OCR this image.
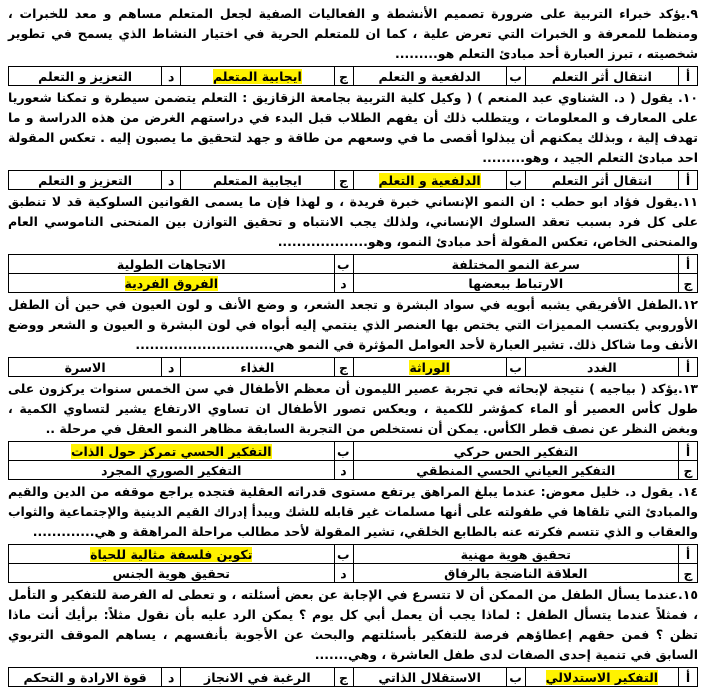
٩.يؤكد خبراء التربية على ضرورة تصميم الأنشطة و الفعاليات الصفية لجعل المتعلم مساهم و معد للخبرات ، ومنظما للمعرفة و الخبرات التي تعرض علية ، كما ان للمتعلم الحرية في اختيار النشاط الذي يسمح في تطوير شخصيته ، تبرز العبارة أحد مبادئ التعلم هو.........

أ	انتقال أثر التعلم	ب	الدلفعية و التعلم	ج	ايجابية المتعلم	د	التعزيز و التعلم

١٠. يقول ( د. الشناوي عبد المنعم ) ( وكيل كلية التربية بجامعة الزقازيق : التعلم يتضمن سيطرة و تمكنا شعوريا على المعارف و المعلومات ، ويتطلب ذلك أن يفهم الطلاب قبل البدء في دراستهم الغرض من هذه الدراسة و ما تهدف إلية ، وبذلك يمكنهم أن يبذلوا أقصى ما في وسعهم من طاقة و جهد لتحقيق ما يصبون إليه . تعكس المقولة احد مبادئ التعلم الجيد ، وهو.........

أ	انتقال أثر التعلم	ب	الدلفعية و التعلم	ج	ايجابية المتعلم	د	التعزيز و التعلم

١١.يقول فؤاد ابو حطب : ان النمو الإنساني خبرة فريدة ، و لهذا فإن ما يسمى القوانين السلوكية قد لا تنطبق على كل فرد بسبب تعقد السلوك الإنساني، ولذلك يجب الانتباه و تحقيق التوازن بين المنحنى الناموسي العام والمنحنى الخاص، تعكس المقولة أحد مبادئ النمو، وهو...................

أ	سرعة النمو المختلفة	ب	الاتجاهات الطولية
ج	الارتباط ببعضها	د	الفروق الفردية

١٢.الطفل الأفريقي يشبه أبويه في سواد البشرة و تجعد الشعر، و وضع الأنف و لون العيون في حين أن الطفل الأوروبي يكتسب المميزات التي يختص بها العنصر الذي ينتمي إليه أبواه في لون البشرة و العيون و الشعر ووضع الأنف وما شاكل ذلك. تشير العبارة لأحد العوامل المؤثرة في النمو هي.............................

أ	الغدد	ب	الوراثة	ج	الغذاء	د	الاسرة

١٣.يؤكد ( بياجيه ) نتيجة لإبحاثه في تجربة عصير الليمون أن معظم الأطفال في سن الخمس سنوات يركزون على طول كأس العصير أو الماء كمؤشر للكمية ، ويعكس تصور الأطفال ان تساوي الارتفاع يشير لتساوي الكمية ، وبغض النظر عن نصف قطر الكأس. يمكن أن نستخلص من التجربة السابقة مظاهر النمو العقل في مرحلة ..

أ	التفكير الحس حركي	ب	التفكير الحسي تمركز حول الذات
ج	التفكير العياني الحسي المنطقي	د	التفكير الصوري المجرد

١٤. يقول د. خليل معوض: عندما يبلغ المراهق يرتفع مستوى قدراته العقلية فتجده يراجع موقفه من الدين والقيم والمبادئ التي تلقاها في طفولته على أنها مسلمات غير قابله للشك ويبدأ إدراك القيم الدينية والإجتماعية والثواب والعقاب و الذي تتسم فكرته عنه بالطابع الخلقي، تشير المقولة لأحد مطالب مراحلة المراهقة و هي.............

أ	تحقيق هوية مهنية	ب	تكوين فلسفة مثالية للحياة
ج	العلاقة الناضجة بالرفاق	د	تحقيق هوية الجنس

١٥.عندما يسأل الطفل من الممكن أن لا تتسرع في الإجابة عن بعض أسئلته ، و تعطى له الفرصة للتفكير و التأمل ، فمثلاً عندما يتسأل الطفل : لماذا يجب أن يعمل أبي كل يوم ؟ يمكن الرد عليه بأن نقول مثلاً: برأيك أنت ماذا تظن ؟ فمن حقهم إعطاؤهم فرصة للتفكير بأسئلتهم والبحث عن الأجوبة بأنفسهم ، يساهم الموقف التربوي السابق في تنمية إحدى الصفات لدى طفل العاشرة ، وهي.......

أ	التفكير الاستدلالي	ب	الاستقلال الذاتي	ج	الرغبة في الانجاز	د	قوة الارادة و التحكم
